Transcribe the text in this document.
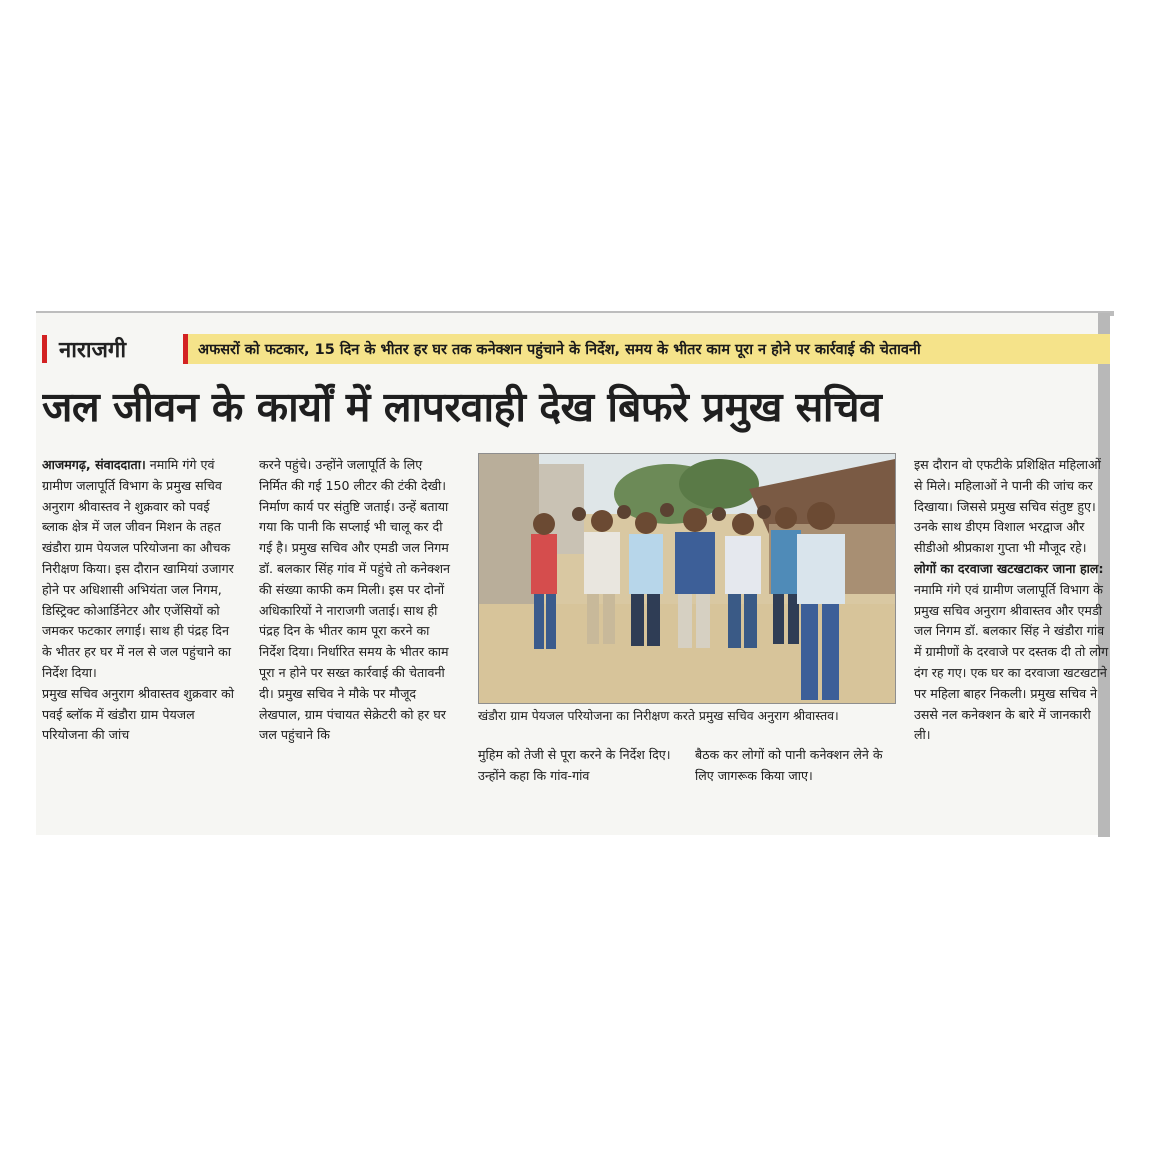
नाराजगी	अफसरों को फटकार, 15 दिन के भीतर हर घर तक कनेक्शन पहुंचाने के निर्देश, समय के भीतर काम पूरा न होने पर कार्रवाई की चेतावनी
जल जीवन के कार्यों में लापरवाही देख बिफरे प्रमुख सचिव

आजमगढ़, संवाददाता। नमामि गंगे एवं ग्रामीण जलापूर्ति विभाग के प्रमुख सचिव अनुराग श्रीवास्तव ने शुक्रवार को पवई ब्लाक क्षेत्र में जल जीवन मिशन के तहत खंडौरा ग्राम पेयजल परियोजना का औचक निरीक्षण किया। इस दौरान खामियां उजागर होने पर अधिशासी अभियंता जल निगम, डिस्ट्रिक्ट कोआर्डिनेटर और एजेंसियों को जमकर फटकार लगाई। साथ ही पंद्रह दिन के भीतर हर घर में नल से जल पहुंचाने का निर्देश दिया।

प्रमुख सचिव अनुराग श्रीवास्तव शुक्रवार को पवई ब्लॉक में खंडौरा ग्राम पेयजल परियोजना की जांच

करने पहुंचे। उन्होंने जलापूर्ति के लिए निर्मित की गई 150 लीटर की टंकी देखी। निर्माण कार्य पर संतुष्टि जताई। उन्हें बताया गया कि पानी कि सप्लाई भी चालू कर दी गई है। प्रमुख सचिव और एमडी जल निगम डॉ. बलकार सिंह गांव में पहुंचे तो कनेक्शन की संख्या काफी कम मिली। इस पर दोनों अधिकारियों ने नाराजगी जताई। साथ ही पंद्रह दिन के भीतर काम पूरा करने का निर्देश दिया। निर्धारित समय के भीतर काम पूरा न होने पर सख्त कार्रवाई की चेतावनी दी। प्रमुख सचिव ने मौके पर मौजूद लेखपाल, ग्राम पंचायत सेक्रेटरी को हर घर जल पहुंचाने कि

खंडौरा ग्राम पेयजल परियोजना का निरीक्षण करते प्रमुख सचिव अनुराग श्रीवास्तव।

मुहिम को तेजी से पूरा करने के निर्देश दिए। उन्होंने कहा कि गांव-गांव

बैठक कर लोगों को पानी कनेक्शन लेने के लिए जागरूक किया जाए।

इस दौरान वो एफटीके प्रशिक्षित महिलाओं से मिले। महिलाओं ने पानी की जांच कर दिखाया। जिससे प्रमुख सचिव संतुष्ट हुए। उनके साथ डीएम विशाल भरद्वाज और सीडीओ श्रीप्रकाश गुप्ता भी मौजूद रहे।

लोगों का दरवाजा खटखटाकर जाना हाल: नमामि गंगे एवं ग्रामीण जलापूर्ति विभाग के प्रमुख सचिव अनुराग श्रीवास्तव और एमडी जल निगम डॉ. बलकार सिंह ने खंडौरा गांव में ग्रामीणों के दरवाजे पर दस्तक दी तो लोग दंग रह गए। एक घर का दरवाजा खटखटाने पर महिला बाहर निकली। प्रमुख सचिव ने उससे नल कनेक्शन के बारे में जानकारी ली।
